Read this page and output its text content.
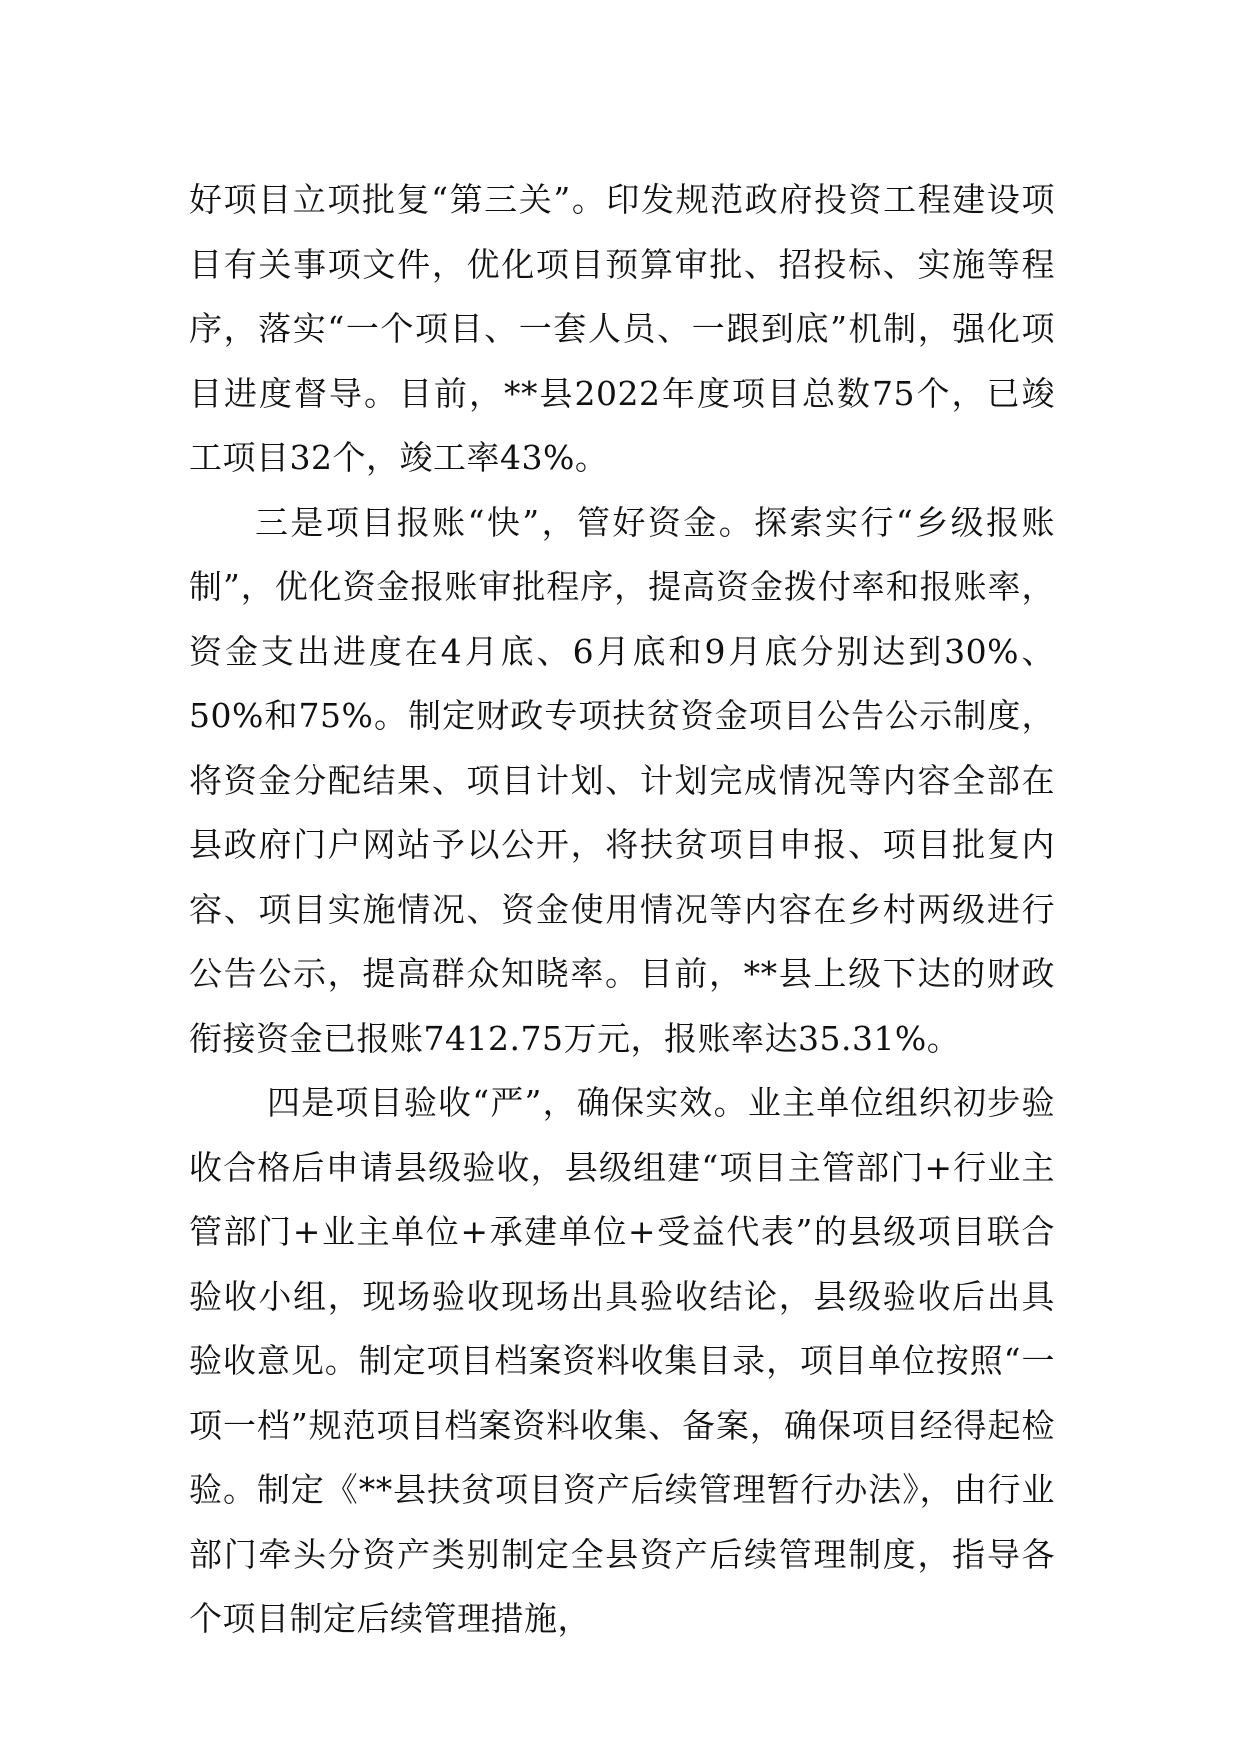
好项目立项批复“第三关”。印发规范政府投资工程建设项目有关事项文件，优化项目预算审批、招投标、实施等程序，落实“一个项目、一套人员、一跟到底”机制，强化项目进度督导。目前，**县2022年度项目总数75个，已竣工项目32个，竣工率43%。

三是项目报账“快”，管好资金。探索实行“乡级报账制”，优化资金报账审批程序，提高资金拨付率和报账率，资金支出进度在4月底、6月底和9月底分别达到30%、50%和75%。制定财政专项扶贫资金项目公告公示制度，将资金分配结果、项目计划、计划完成情况等内容全部在县政府门户网站予以公开，将扶贫项目申报、项目批复内容、项目实施情况、资金使用情况等内容在乡村两级进行公告公示，提高群众知晓率。目前，**县上级下达的财政衔接资金已报账7412.75万元，报账率达35.31%。

四是项目验收“严”，确保实效。业主单位组织初步验收合格后申请县级验收，县级组建“项目主管部门+行业主管部门+业主单位+承建单位+受益代表”的县级项目联合验收小组，现场验收现场出具验收结论，县级验收后出具验收意见。制定项目档案资料收集目录，项目单位按照“一项一档”规范项目档案资料收集、备案，确保项目经得起检验。制定《**县扶贫项目资产后续管理暂行办法》，由行业部门牵头分资产类别制定全县资产后续管理制度，指导各个项目制定后续管理措施，
